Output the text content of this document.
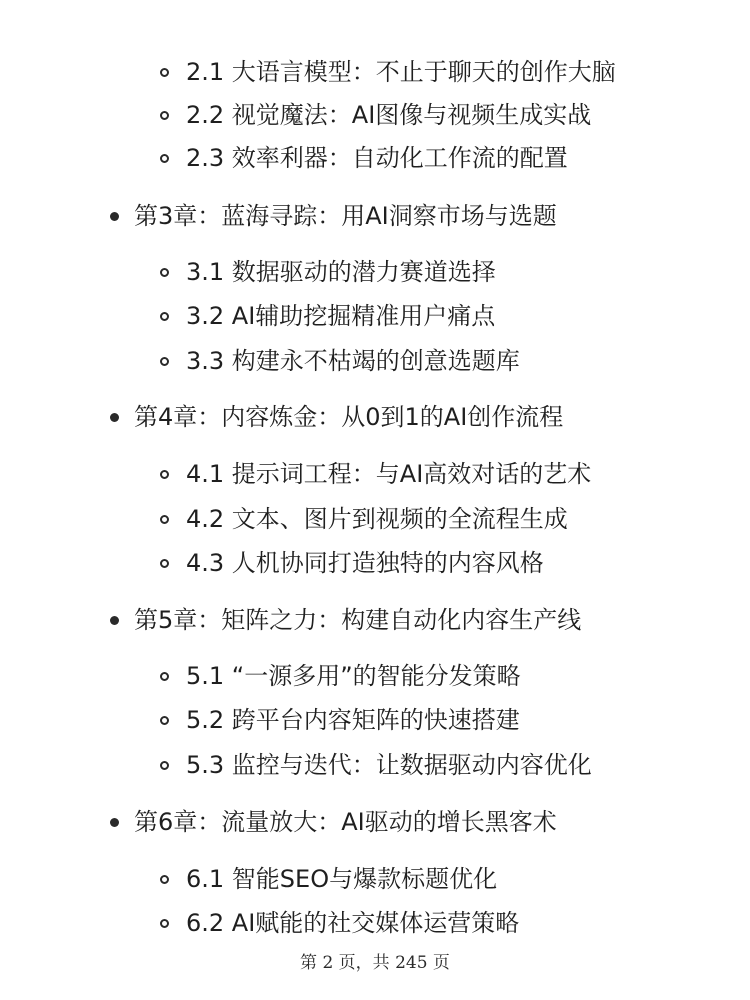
2.1 大语言模型：不止于聊天的创作大脑
2.2 视觉魔法：AI图像与视频生成实战
2.3 效率利器：自动化工作流的配置
第3章：蓝海寻踪：用AI洞察市场与选题
3.1 数据驱动的潜力赛道选择
3.2 AI辅助挖掘精准用户痛点
3.3 构建永不枯竭的创意选题库
第4章：内容炼金：从0到1的AI创作流程
4.1 提示词工程：与AI高效对话的艺术
4.2 文本、图片到视频的全流程生成
4.3 人机协同打造独特的内容风格
第5章：矩阵之力：构建自动化内容生产线
5.1 “一源多用”的智能分发策略
5.2 跨平台内容矩阵的快速搭建
5.3 监控与迭代：让数据驱动内容优化
第6章：流量放大：AI驱动的增长黑客术
6.1 智能SEO与爆款标题优化
6.2 AI赋能的社交媒体运营策略
第 2 页，共 245 页
